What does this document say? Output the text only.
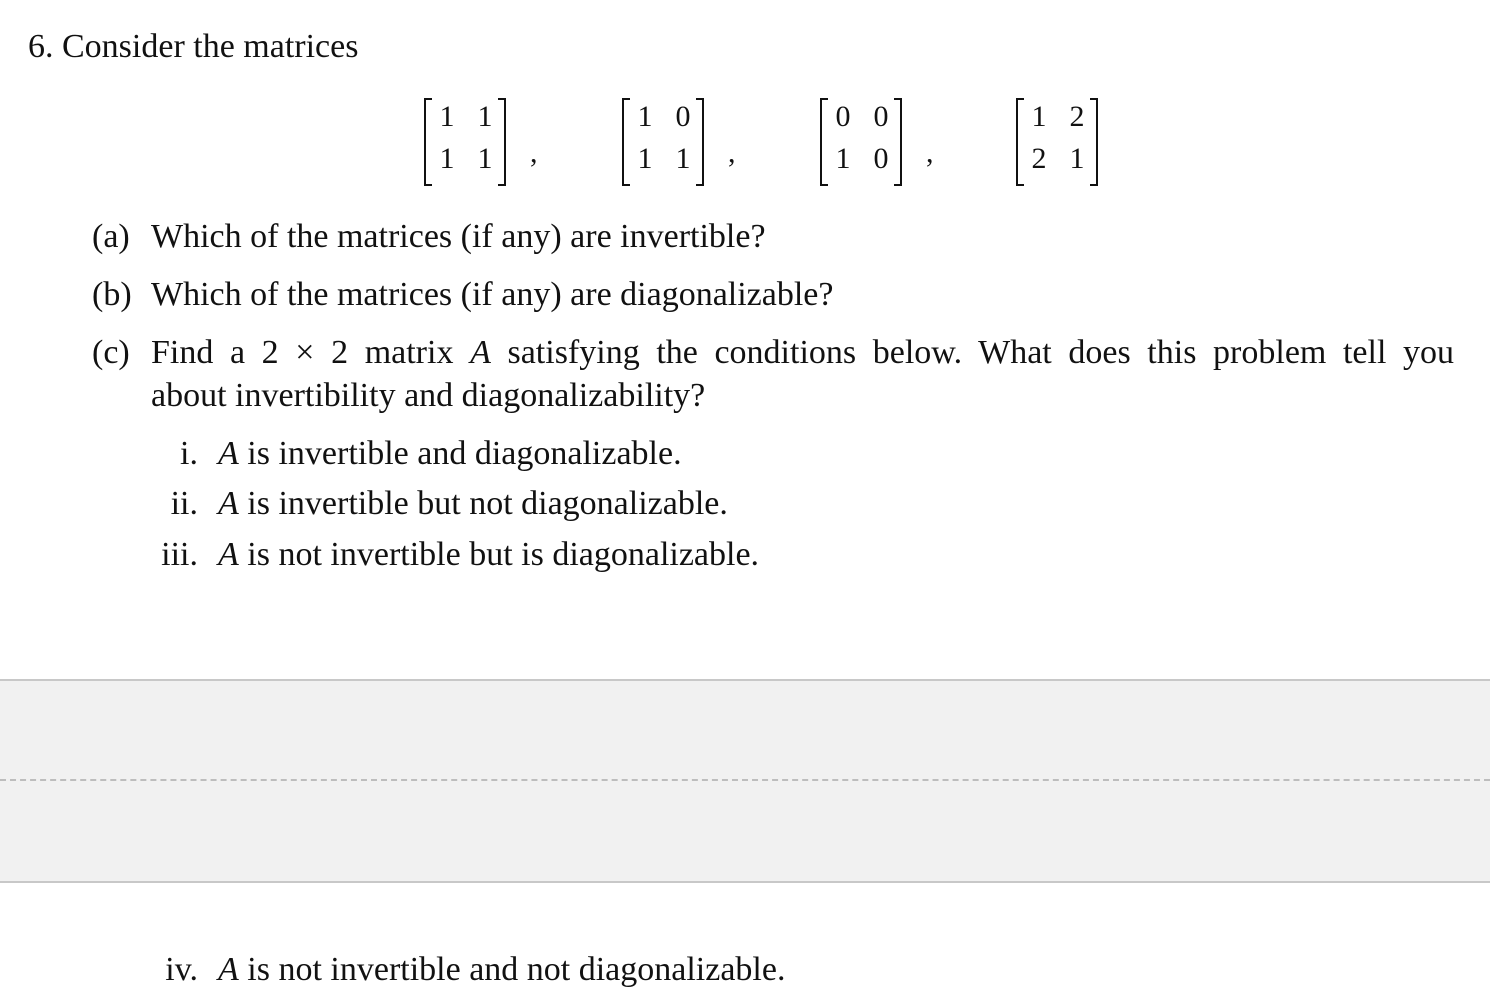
6. Consider the matrices
1 1
1 1 ,
1 0
1 1 ,
0 0
1 0 ,
1 2
2 1
(a) Which of the matrices (if any) are invertible?
(b) Which of the matrices (if any) are diagonalizable?
(c) Find a 2 × 2 matrix A satisfying the conditions below. What does this problem tell you
about invertibility and diagonalizability?
i. A is invertible and diagonalizable.
ii. A is invertible but not diagonalizable.
iii. A is not invertible but is diagonalizable.
iv. A is not invertible and not diagonalizable.
